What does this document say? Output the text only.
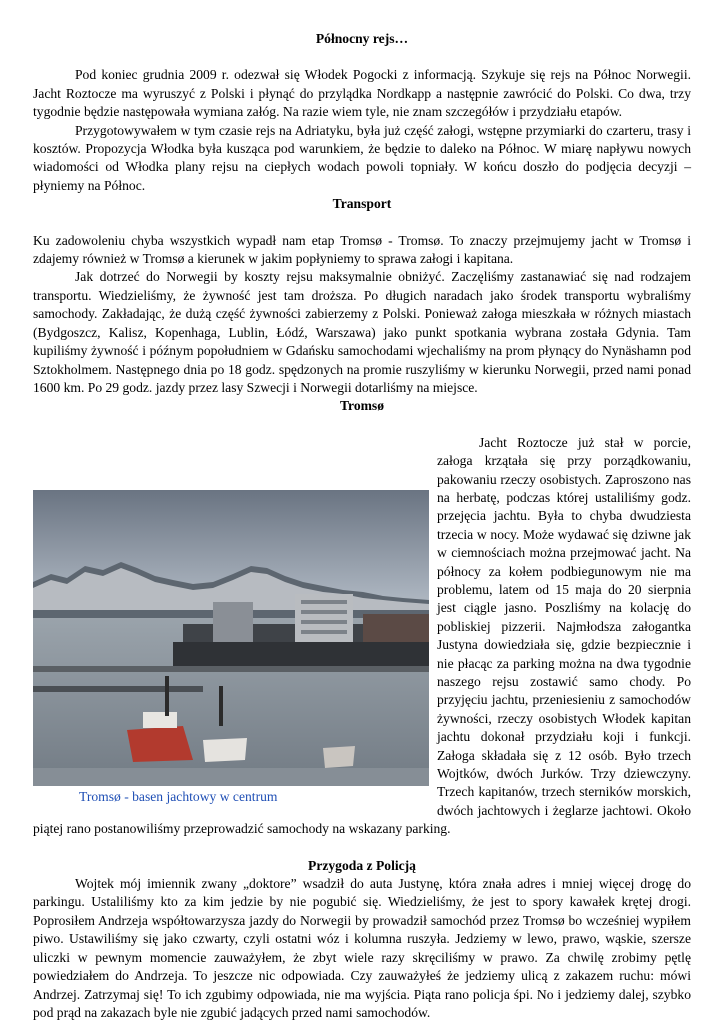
Północny rejs…

Pod koniec grudnia 2009 r. odezwał się Włodek Pogocki z informacją. Szykuje się rejs na Północ Norwegii. Jacht Roztocze ma wyruszyć z Polski i płynąć do przylądka Nordkapp a następnie zawrócić do Polski. Co dwa, trzy tygodnie będzie następowała wymiana załóg. Na razie wiem tyle, nie znam szczegółów i przydziału etapów.

Przygotowywałem w tym czasie rejs na Adriatyku, była już część załogi, wstępne przymiarki do czarteru, trasy i kosztów. Propozycja Włodka była kusząca pod warunkiem, że będzie to daleko na Północ. W miarę napływu nowych wiadomości od Włodka plany rejsu na ciepłych wodach powoli topniały. W końcu doszło do podjęcia decyzji – płyniemy na Północ.

Transport

Ku zadowoleniu chyba wszystkich wypadł nam etap Tromsø - Tromsø. To znaczy przejmujemy jacht w Tromsø i zdajemy również w Tromsø a kierunek w jakim popłyniemy to sprawa załogi i kapitana.

Jak dotrzeć do Norwegii by koszty rejsu maksymalnie obniżyć. Zaczęliśmy zastanawiać się nad rodzajem transportu. Wiedzieliśmy, że żywność jest tam droższa. Po długich naradach jako środek transportu wybraliśmy samochody. Zakładając, że dużą część żywności zabierzemy z Polski. Ponieważ załoga mieszkała w różnych miastach (Bydgoszcz, Kalisz, Kopenhaga, Lublin, Łódź, Warszawa) jako punkt spotkania wybrana została Gdynia. Tam kupiliśmy żywność i późnym popołudniem w Gdańsku samochodami wjechaliśmy na prom płynący do Nynäshamn pod Sztokholmem. Następnego dnia po 18 godz. spędzonych na promie ruszyliśmy w kierunku Norwegii, przed nami ponad 1600 km. Po 29 godz. jazdy przez lasy Szwecji i Norwegii dotarliśmy na miejsce.

Tromsø
Tromsø - basen jachtowy w centrum

Jacht Roztocze już stał w porcie, załoga krzątała się przy porządkowaniu, pakowaniu rzeczy osobistych. Zaproszono nas na herbatę, podczas której ustaliliśmy godz. przejęcia jachtu. Była to chyba dwudziesta trzecia w nocy. Może wydawać się dziwne jak w ciemnościach można przejmować jacht. Na północy za kołem podbiegunowym nie ma problemu, latem od 15 maja do 20 sierpnia jest ciągle jasno. Poszliśmy na kolację do pobliskiej pizzerii. Najmłodsza załogantka Justyna dowiedziała się, gdzie bezpiecznie i nie płacąc za parking można na dwa tygodnie naszego rejsu zostawić samo chody. Po przyjęciu jachtu, przeniesieniu z samochodów żywności, rzeczy osobistych Włodek kapitan jachtu dokonał przydziału koji i funkcji. Załoga składała się z 12 osób. Było trzech Wojtków, dwóch Jurków. Trzy dziewczyny. Trzech kapitanów, trzech sterników morskich, dwóch jachtowych i żeglarze jachtowi. Około piątej rano postanowiliśmy przeprowadzić samochody na wskazany parking.

Przygoda z Policją

Wojtek mój imiennik zwany „doktore” wsadził do auta Justynę, która znała adres i mniej więcej drogę do parkingu. Ustaliliśmy kto za kim jedzie by nie pogubić się. Wiedzieliśmy, że jest to spory kawałek krętej drogi. Poprosiłem Andrzeja współtowarzysza jazdy do Norwegii by prowadził samochód przez Tromsø bo wcześniej wypiłem piwo. Ustawiliśmy się jako czwarty, czyli ostatni wóz i kolumna ruszyła. Jedziemy w lewo, prawo, wąskie, szersze uliczki w pewnym momencie zauważyłem, że zbyt wiele razy skręciliśmy w prawo. Za chwilę zrobimy pętlę powiedziałem do Andrzeja. To jeszcze nic odpowiada. Czy zauważyłeś że jedziemy ulicą z zakazem ruchu: mówi Andrzej. Zatrzymaj się! To ich zgubimy odpowiada, nie ma wyjścia. Piąta rano policja śpi. No i jedziemy dalej, szybko pod prąd na zakazach byle nie zgubić jadących przed nami samochodów.
